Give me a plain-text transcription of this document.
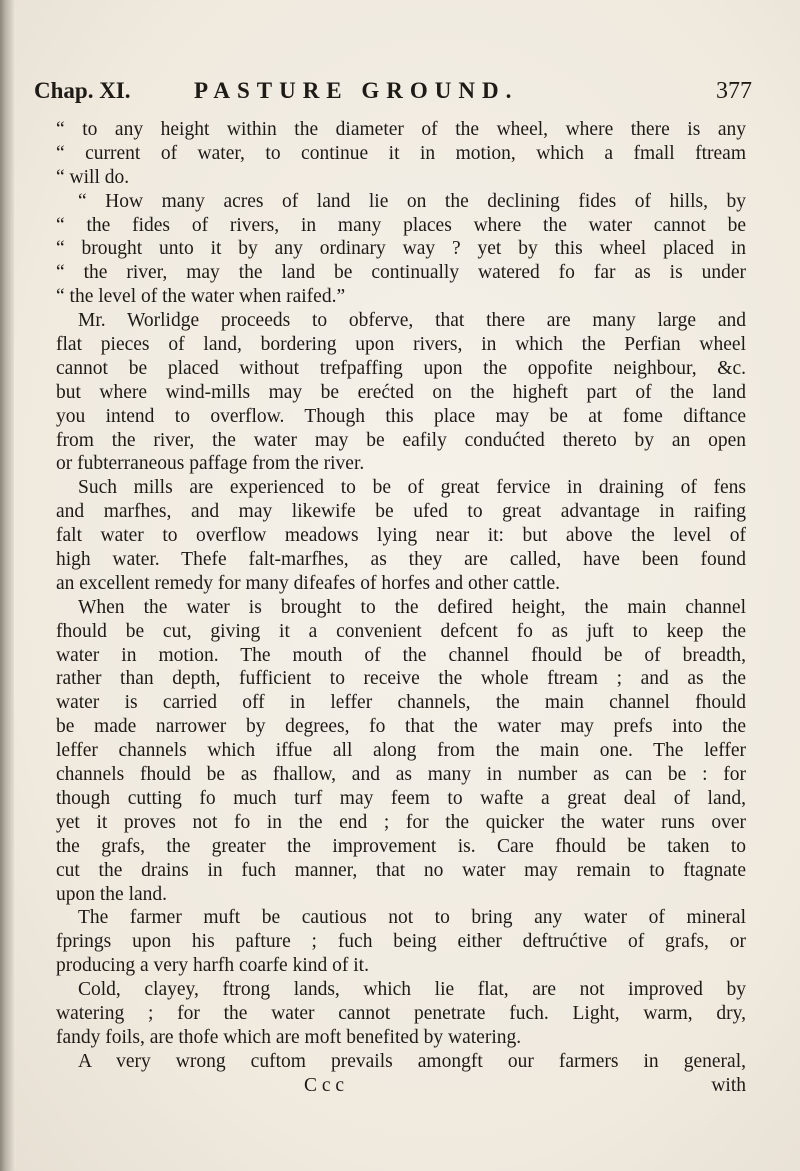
Chap. XI.	PASTURE GROUND.	377
“ to any height within the diameter of the wheel, where there is any
“ current of water, to continue it in motion, which a fmall ftream
“ will do.
“ How many acres of land lie on the declining fides of hills, by
“ the fides of rivers, in many places where the water cannot be
“ brought unto it by any ordinary way ? yet by this wheel placed in
“ the river, may the land be continually watered fo far as is under
“ the level of the water when raifed.”
Mr. Worlidge proceeds to obferve, that there are many large and
flat pieces of land, bordering upon rivers, in which the Perfian wheel
cannot be placed without trefpaffing upon the oppofite neighbour, &c.
but where wind-mills may be erećted on the higheft part of the land
you intend to overflow. Though this place may be at fome diftance
from the river, the water may be eafily condućted thereto by an open
or fubterraneous paffage from the river.
Such mills are experienced to be of great fervice in draining of fens
and marfhes, and may likewife be ufed to great advantage in raifing
falt water to overflow meadows lying near it: but above the level of
high water. Thefe falt-marfhes, as they are called, have been found
an excellent remedy for many difeafes of horfes and other cattle.
When the water is brought to the defired height, the main channel
fhould be cut, giving it a convenient defcent fo as juft to keep the
water in motion. The mouth of the channel fhould be of breadth,
rather than depth, fufficient to receive the whole ftream ; and as the
water is carried off in leffer channels, the main channel fhould
be made narrower by degrees, fo that the water may prefs into the
leffer channels which iffue all along from the main one. The leffer
channels fhould be as fhallow, and as many in number as can be : for
though cutting fo much turf may feem to wafte a great deal of land,
yet it proves not fo in the end ; for the quicker the water runs over
the grafs, the greater the improvement is. Care fhould be taken to
cut the drains in fuch manner, that no water may remain to ftagnate
upon the land.
The farmer muft be cautious not to bring any water of mineral
fprings upon his pafture ; fuch being either deftrućtive of grafs, or
producing a very harfh coarfe kind of it.
Cold, clayey, ftrong lands, which lie flat, are not improved by
watering ; for the water cannot penetrate fuch. Light, warm, dry,
fandy foils, are thofe which are moft benefited by watering.
A very wrong cuftom prevails amongft our farmers in general,
C c c	with
